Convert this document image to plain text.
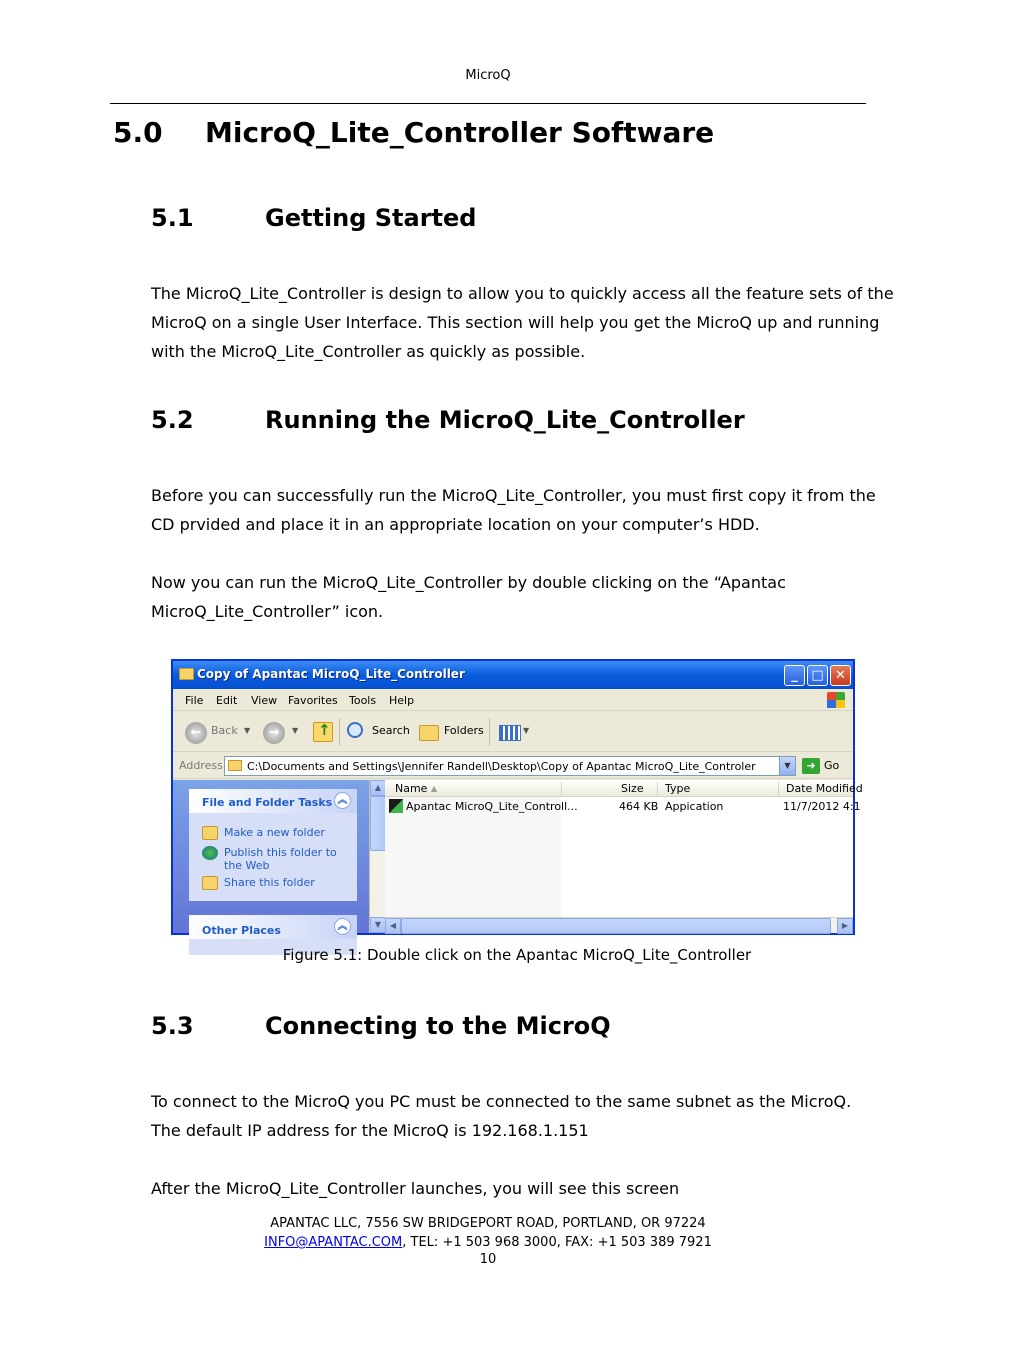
MicroQ
5.0 MicroQ_Lite_Controller Software
5.1	Getting Started
The MicroQ_Lite_Controller is design to allow you to quickly access all the feature sets of the
MicroQ on a single User Interface. This section will help you get the MicroQ up and running
with the MicroQ_Lite_Controller as quickly as possible.
5.2	Running the MicroQ_Lite_Controller
Before you can successfully run the MicroQ_Lite_Controller, you must first copy it from the
CD prvided and place it in an appropriate location on your computer’s HDD.
Now you can run the MicroQ_Lite_Controller by double clicking on the “Apantac
MicroQ_Lite_Controller” icon.
Copy of Apantac MicroQ_Lite_Controller	_	□ ✕
File Edit View Favorites Tools Help
← Back ▼	→	▼
↑	Search	Folders	▼
Address C:\Documents and Settings\Jennifer Randell\Desktop\Copy of Apantac MicroQ_Lite_Controler	▼	➜ Go
File and Folder Tasks ︽
Make a new folder
Publish this folder to
the Web
Share this folder
Other Places	︽
▲
▼
Name ▲	Size Type	Date Modified
Apantac MicroQ_Lite_Controll...	464 KB Appication	11/7/2012 4:1
◀	▶
Figure 5.1: Double click on the Apantac MicroQ_Lite_Controller
5.3	Connecting to the MicroQ
To connect to the MicroQ you PC must be connected to the same subnet as the MicroQ.
The default IP address for the MicroQ is 192.168.1.151
After the MicroQ_Lite_Controller launches, you will see this screen
APANTAC LLC, 7556 SW BRIDGEPORT ROAD, PORTLAND, OR 97224
INFO@APANTAC.COM, TEL: +1 503 968 3000, FAX: +1 503 389 7921
10
